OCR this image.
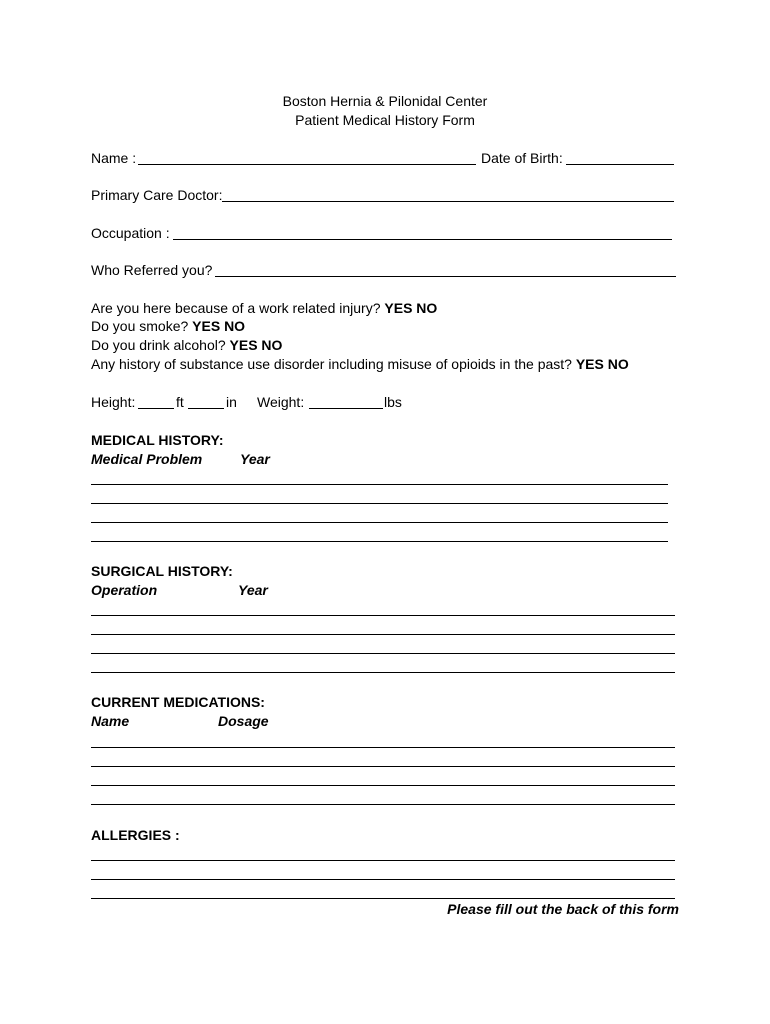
Boston Hernia & Pilonidal Center
Patient Medical History Form
Name :	Date of Birth:
Primary Care Doctor:
Occupation :
Who Referred you?
Are you here because of a work related injury? YES NO
Do you smoke? YES NO
Do you drink alcohol? YES NO
Any history of substance use disorder including misuse of opioids in the past? YES NO
Height:	ft	in Weight:	lbs
MEDICAL HISTORY:
Medical Problem	Year
SURGICAL HISTORY:
Operation	Year
CURRENT MEDICATIONS:
Name	Dosage
ALLERGIES :
Please fill out the back of this form
